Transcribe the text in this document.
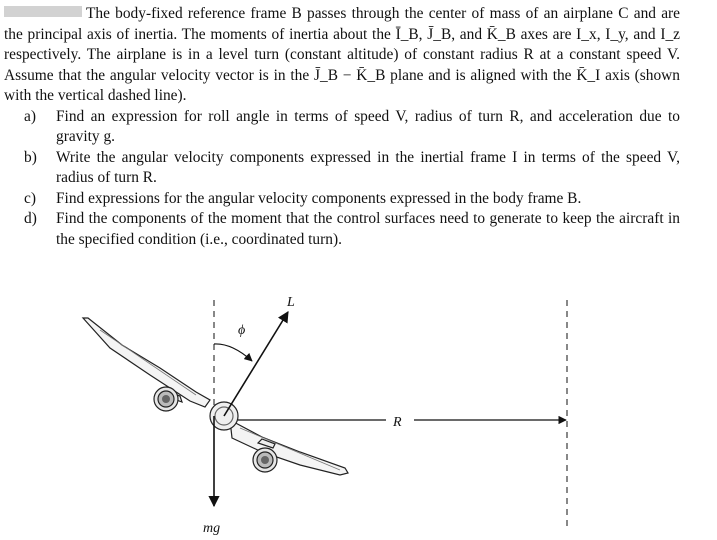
The body-fixed reference frame B passes through the center of mass of an airplane C and are the principal axis of inertia. The moments of inertia about the Ī_B, J̄_B, and K̄_B axes are I_x, I_y, and I_z respectively. The airplane is in a level turn (constant altitude) of constant radius R at a constant speed V. Assume that the angular velocity vector is in the J̄_B − K̄_B plane and is aligned with the K̄_I axis (shown with the vertical dashed line).

a)	Find an expression for roll angle in terms of speed V, radius of turn R, and acceleration due to gravity g.
b)	Write the angular velocity components expressed in the inertial frame I in terms of the speed V, radius of turn R.
c)	Find expressions for the angular velocity components expressed in the body frame B.
d)	Find the components of the moment that the control surfaces need to generate to keep the aircraft in the specified condition (i.e., coordinated turn).
L
ϕ
R
mg
